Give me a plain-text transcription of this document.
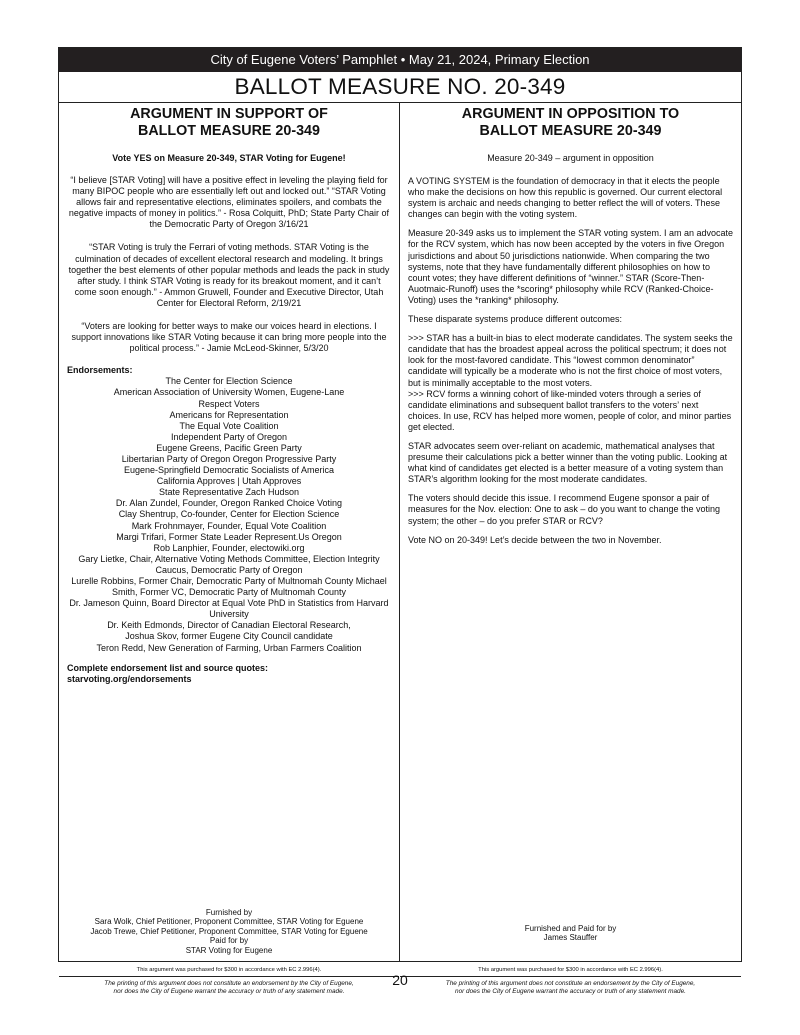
City of Eugene Voters’ Pamphlet • May 21, 2024, Primary Election
BALLOT MEASURE NO. 20-349
ARGUMENT IN SUPPORT OF
BALLOT MEASURE 20-349
Vote YES on Measure 20-349, STAR Voting for Eugene!
“I believe [STAR Voting] will have a positive effect in leveling the playing field for many BIPOC people who are essentially left out and locked out.” “STAR Voting allows fair and representative elections, eliminates spoilers, and combats the negative impacts of money in politics.” - Rosa Colquitt, PhD; State Party Chair of the Democratic Party of Oregon 3/16/21
“STAR Voting is truly the Ferrari of voting methods. STAR Voting is the culmination of decades of excellent electoral research and modeling. It brings together the best elements of other popular methods and leads the pack in study after study. I think STAR Voting is ready for its breakout moment, and it can’t come soon enough.” - Ammon Gruwell, Founder and Executive Director, Utah Center for Electoral Reform, 2/19/21
“Voters are looking for better ways to make our voices heard in elections. I support innovations like STAR Voting because it can bring more people into the political process.” - Jamie McLeod-Skinner, 5/3/20
Endorsements:
The Center for Election Science
American Association of University Women, Eugene-Lane
Respect Voters
Americans for Representation
The Equal Vote Coalition
Independent Party of Oregon
Eugene Greens, Pacific Green Party
Libertarian Party of Oregon Oregon Progressive Party
Eugene-Springfield Democratic Socialists of America
California Approves | Utah Approves
State Representative Zach Hudson
Dr. Alan Zundel, Founder, Oregon Ranked Choice Voting
Clay Shentrup, Co-founder, Center for Election Science
Mark Frohnmayer, Founder, Equal Vote Coalition
Margi Trifari, Former State Leader Represent.Us Oregon
Rob Lanphier, Founder, electowiki.org
Gary Lietke, Chair, Alternative Voting Methods Committee, Election Integrity Caucus, Democratic Party of Oregon
Lurelle Robbins, Former Chair, Democratic Party of Multnomah County Michael Smith, Former VC, Democratic Party of Multnomah County
Dr. Jameson Quinn, Board Director at Equal Vote PhD in Statistics from Harvard University
Dr. Keith Edmonds, Director of Canadian Electoral Research,
Joshua Skov, former Eugene City Council candidate
Teron Redd, New Generation of Farming, Urban Farmers Coalition
Complete endorsement list and source quotes: starvoting.org/endorsements
Furnished by
Sara Wolk, Chief Petitioner, Proponent Committee, STAR Voting for Eguene
Jacob Trewe, Chief Petitioner, Proponent Committee, STAR Voting for Eguene
Paid for by
STAR Voting for Eugene
This argument was purchased for $300 in accordance with EC 2.996(4).
The printing of this argument does not constitute an endorsement by the City of Eugene,
nor does the City of Eugene warrant the accuracy or truth of any statement made.
ARGUMENT IN OPPOSITION TO
BALLOT MEASURE 20-349
Measure 20-349 – argument in opposition
A VOTING SYSTEM is the foundation of democracy in that it elects the people who make the decisions on how this republic is governed. Our current electoral system is archaic and needs changing to better reflect the will of voters. These changes can begin with the voting system.
Measure 20-349 asks us to implement the STAR voting system. I am an advocate for the RCV system, which has now been accepted by the voters in five Oregon jurisdictions and about 50 jurisdictions nationwide. When comparing the two systems, note that they have fundamentally different philosophies on how to count votes; they have different definitions of “winner.” STAR (Score-Then-Auotmaic-Runoff) uses the *scoring* philosophy while RCV (Ranked-Choice-Voting) uses the *ranking* philosophy.
These disparate systems produce different outcomes:
>>> STAR has a built-in bias to elect moderate candidates. The system seeks the candidate that has the broadest appeal across the political spectrum; it does not look for the most-favored candidate. This “lowest common denominator” candidate will typically be a moderate who is not the first choice of most voters, but is minimally acceptable to the most voters.
>>> RCV forms a winning cohort of like-minded voters through a series of candidate eliminations and subsequent ballot transfers to the voters’ next choices. In use, RCV has helped more women, people of color, and minor parties get elected.
STAR advocates seem over-reliant on academic, mathematical analyses that presume their calculations pick a better winner than the voting public. Looking at what kind of candidates get elected is a better measure of a voting system than STAR’s algorithm looking for the most moderate candidates.
The voters should decide this issue. I recommend Eugene sponsor a pair of measures for the Nov. election: One to ask – do you want to change the voting system; the other – do you prefer STAR or RCV?
Vote NO on 20-349! Let’s decide between the two in November.
Furnished and Paid for by
James Stauffer
This argument was purchased for $300 in accordance with EC 2.996(4).
The printing of this argument does not constitute an endorsement by the City of Eugene,
nor does the City of Eugene warrant the accuracy or truth of any statement made.
20
